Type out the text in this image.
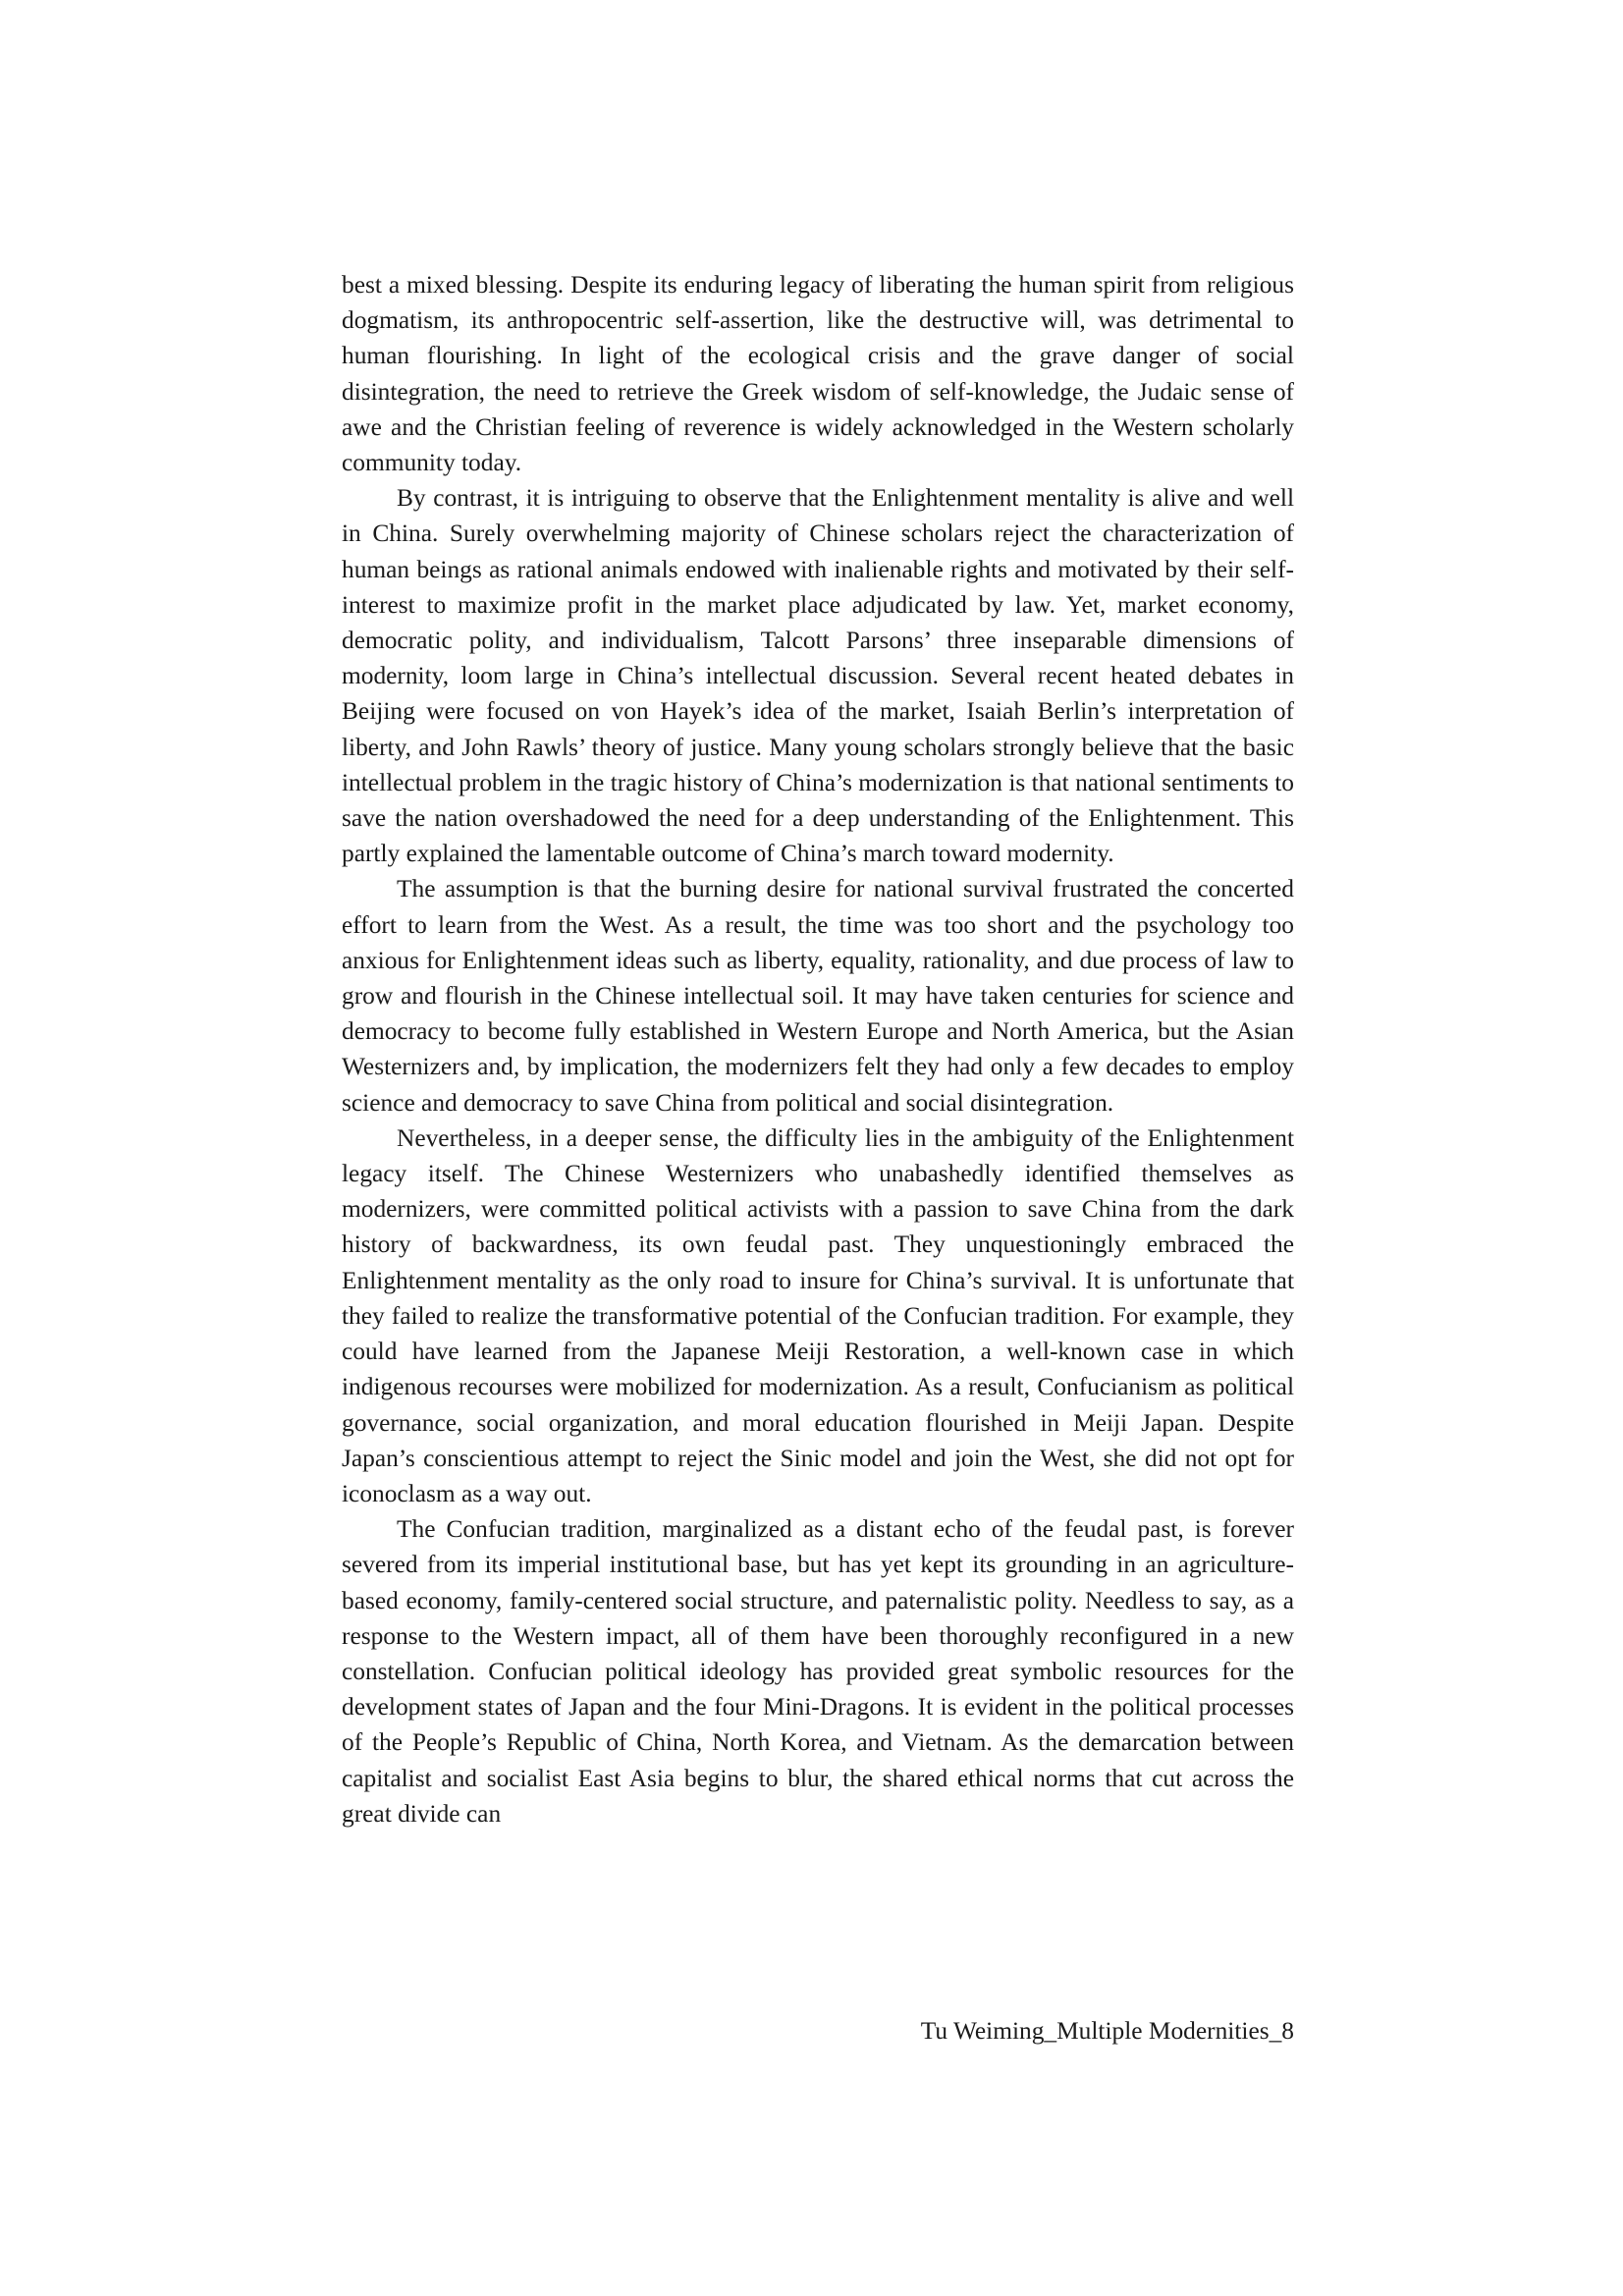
best a mixed blessing. Despite its enduring legacy of liberating the human spirit from religious dogmatism, its anthropocentric self-assertion, like the destructive will, was detrimental to human flourishing. In light of the ecological crisis and the grave danger of social disintegration, the need to retrieve the Greek wisdom of self-knowledge, the Judaic sense of awe and the Christian feeling of reverence is widely acknowledged in the Western scholarly community today.

By contrast, it is intriguing to observe that the Enlightenment mentality is alive and well in China. Surely overwhelming majority of Chinese scholars reject the characterization of human beings as rational animals endowed with inalienable rights and motivated by their self-interest to maximize profit in the market place adjudicated by law. Yet, market economy, democratic polity, and individualism, Talcott Parsons’ three inseparable dimensions of modernity, loom large in China’s intellectual discussion. Several recent heated debates in Beijing were focused on von Hayek’s idea of the market, Isaiah Berlin’s interpretation of liberty, and John Rawls’ theory of justice. Many young scholars strongly believe that the basic intellectual problem in the tragic history of China’s modernization is that national sentiments to save the nation overshadowed the need for a deep understanding of the Enlightenment. This partly explained the lamentable outcome of China’s march toward modernity.

The assumption is that the burning desire for national survival frustrated the concerted effort to learn from the West. As a result, the time was too short and the psychology too anxious for Enlightenment ideas such as liberty, equality, rationality, and due process of law to grow and flourish in the Chinese intellectual soil. It may have taken centuries for science and democracy to become fully established in Western Europe and North America, but the Asian Westernizers and, by implication, the modernizers felt they had only a few decades to employ science and democracy to save China from political and social disintegration.

Nevertheless, in a deeper sense, the difficulty lies in the ambiguity of the Enlightenment legacy itself. The Chinese Westernizers who unabashedly identified themselves as modernizers, were committed political activists with a passion to save China from the dark history of backwardness, its own feudal past. They unquestioningly embraced the Enlightenment mentality as the only road to insure for China’s survival. It is unfortunate that they failed to realize the transformative potential of the Confucian tradition. For example, they could have learned from the Japanese Meiji Restoration, a well-known case in which indigenous recourses were mobilized for modernization. As a result, Confucianism as political governance, social organization, and moral education flourished in Meiji Japan. Despite Japan’s conscientious attempt to reject the Sinic model and join the West, she did not opt for iconoclasm as a way out.

The Confucian tradition, marginalized as a distant echo of the feudal past, is forever severed from its imperial institutional base, but has yet kept its grounding in an agriculture-based economy, family-centered social structure, and paternalistic polity. Needless to say, as a response to the Western impact, all of them have been thoroughly reconfigured in a new constellation. Confucian political ideology has provided great symbolic resources for the development states of Japan and the four Mini-Dragons. It is evident in the political processes of the People’s Republic of China, North Korea, and Vietnam. As the demarcation between capitalist and socialist East Asia begins to blur, the shared ethical norms that cut across the great divide can

Tu Weiming_Multiple Modernities_8
